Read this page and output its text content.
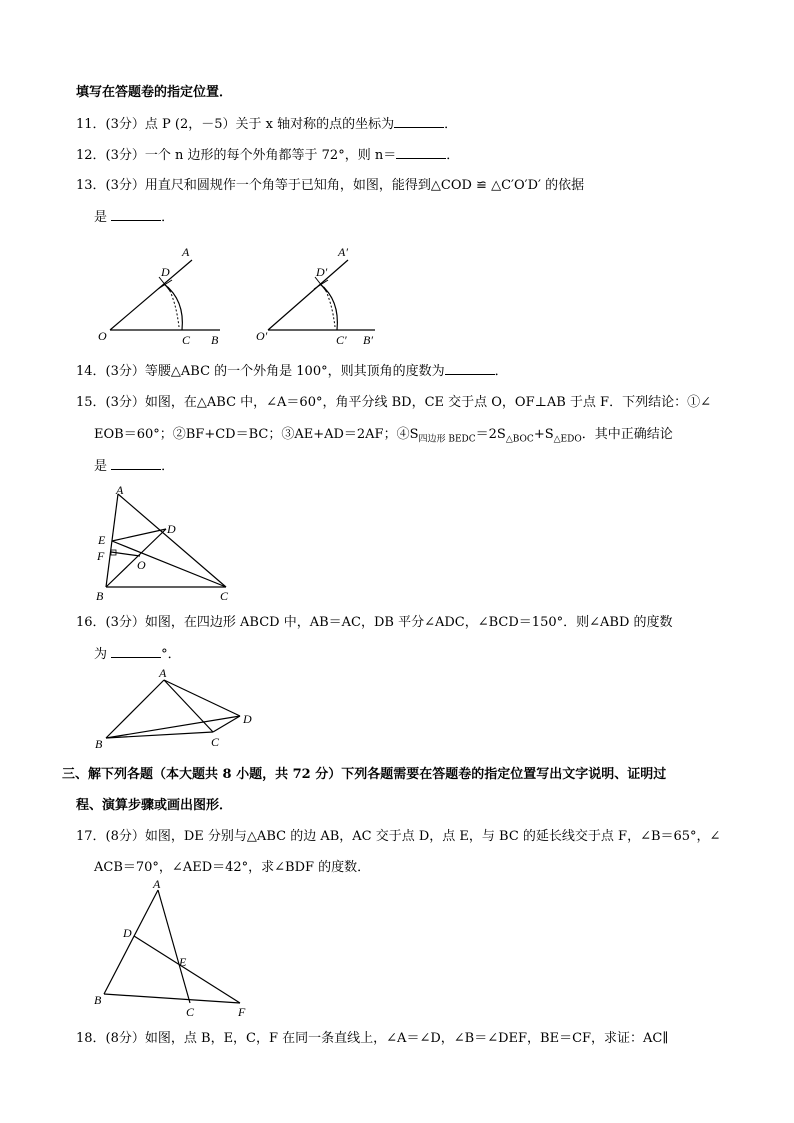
填写在答题卷的指定位置．
11．(3分）点 P (2，－5）关于 x 轴对称的点的坐标为	．
12．(3分）一个 n 边形的每个外角都等于 72°，则 n＝	．
13．(3分）用直尺和圆规作一个角等于已知角，如图，能得到△COD ≌ △C′O′D′ 的依据
是	．
A
D
O	C B
A′
D′
O′	C′ B′
14．(3分）等腰△ABC 的一个外角是 100°，则其顶角的度数为	．
15．(3分）如图，在△ABC 中，∠A＝60°，角平分线 BD，CE 交于点 O，OF⊥AB 于点 F．下列结论：①∠
EOB＝60°；②BF+CD＝BC；③AE+AD＝2AF；$④S_{四边形 BEDC}=2S_{\triangle BOC}+S_{\triangle EDO}$．其中正确结论
是	．
A
E
D
F
O
B	C
16．(3分）如图，在四边形 ABCD 中，AB＝AC，DB 平分∠ADC，∠BCD＝150°．则∠ABD 的度数
为	°．
A
D
B	C
三、解下列各题（本大题共 8 小题，共 72 分）下列各题需要在答题卷的指定位置写出文字说明、证明过
程、演算步骤或画出图形．
17．(8分）如图，DE 分别与△ABC 的边 AB，AC 交于点 D，点 E，与 BC 的延长线交于点 F，∠B＝65°，∠
ACB＝70°，∠AED＝42°，求∠BDF 的度数．
A
D
E
B
C	F
18．(8分）如图，点 B，E，C，F 在同一条直线上，∠A＝∠D，∠B＝∠DEF，BE＝CF，求证：AC∥
